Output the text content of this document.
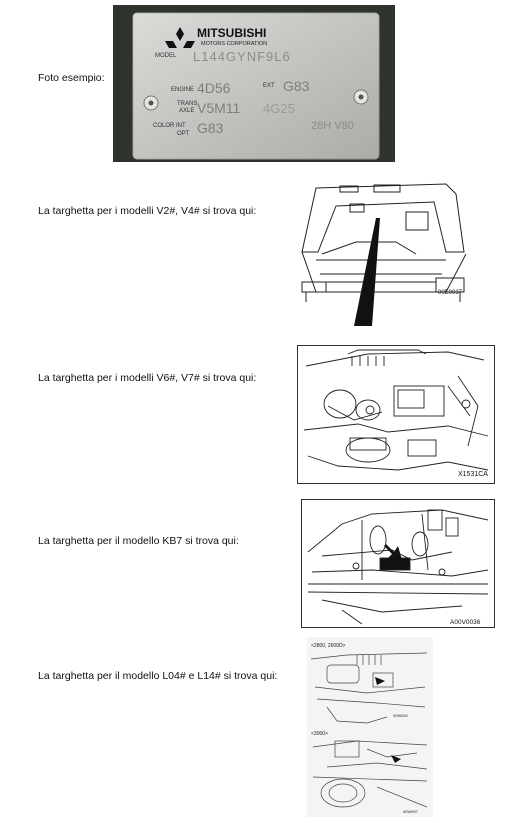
Foto esempio:
MITSUBISHI
MOTORS CORPORATION
MODEL L144GYNF9L6
ENGINE 4D56	EXT G83
TRANS
AXLE V5M11 4G25
COLOR INT
OPT G83	28H V80
La targhetta per i modelli V2#, V4# si trova qui:
00E0037
La targhetta per i modelli V6#, V7# si trova qui:
X1531CA
La targhetta per il modello KB7 si trova qui:
A00V0036
La targhetta per il modello L04# e L14# si trova qui:
<2800, 2600D>
00W592
<3000>
00W597
